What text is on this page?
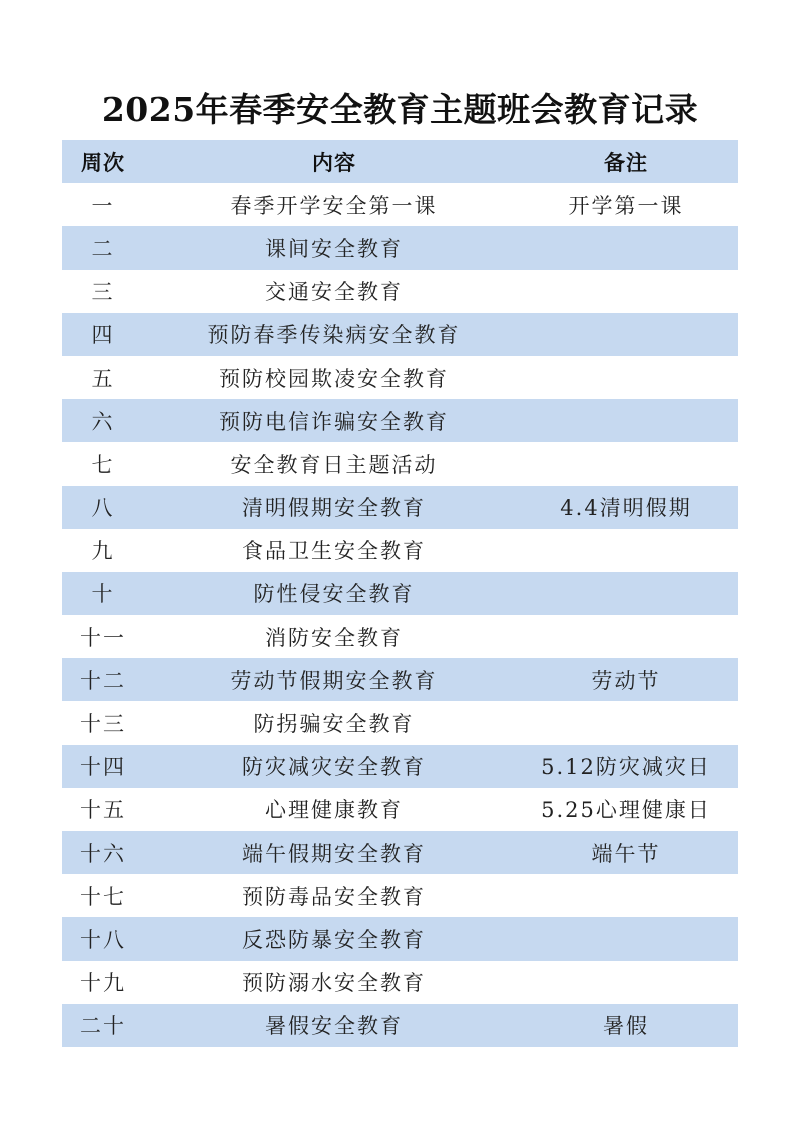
2025年春季安全教育主题班会教育记录
周次	内容	备注
一	春季开学安全第一课	开学第一课
二	课间安全教育
三	交通安全教育
四	预防春季传染病安全教育
五	预防校园欺凌安全教育
六	预防电信诈骗安全教育
七	安全教育日主题活动
八	清明假期安全教育	4.4清明假期
九	食品卫生安全教育
十	防性侵安全教育
十一	消防安全教育
十二	劳动节假期安全教育	劳动节
十三	防拐骗安全教育
十四	防灾减灾安全教育	5.12防灾减灾日
十五	心理健康教育	5.25心理健康日
十六	端午假期安全教育	端午节
十七	预防毒品安全教育
十八	反恐防暴安全教育
十九	预防溺水安全教育
二十	暑假安全教育	暑假
